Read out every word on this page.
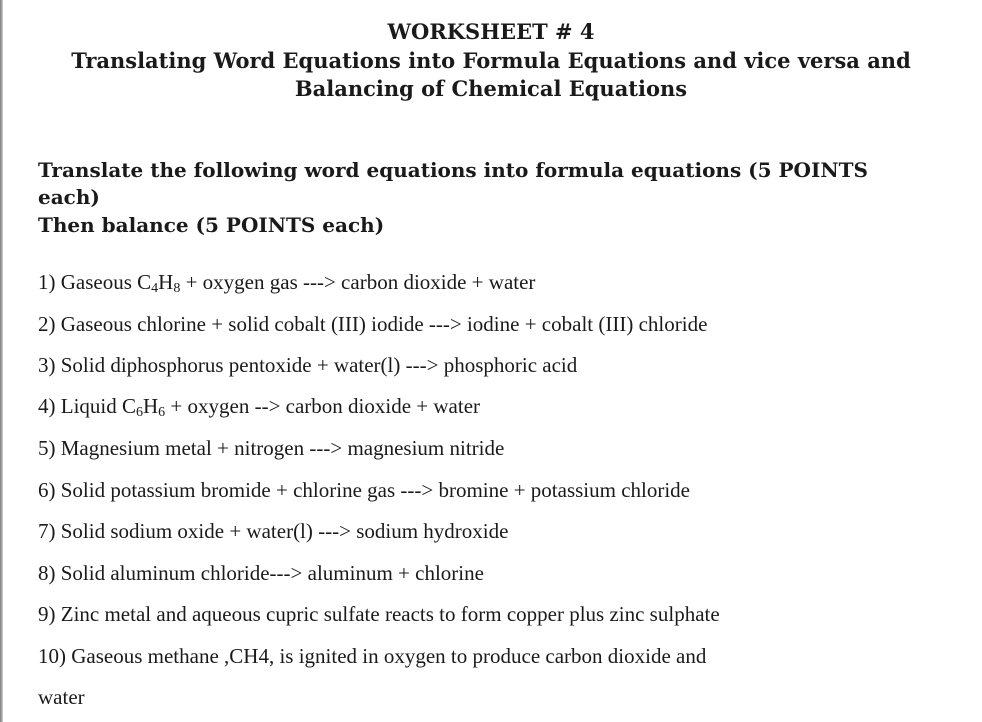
WORKSHEET # 4
Translating Word Equations into Formula Equations and vice versa and
Balancing of Chemical Equations
Translate the following word equations into formula equations (5 POINTS
each)
Then balance (5 POINTS each)
1) Gaseous $C_4H_8$ + oxygen gas ---> carbon dioxide + water
2) Gaseous chlorine + solid cobalt (III) iodide ---> iodine + cobalt (III) chloride
3) Solid diphosphorus pentoxide + water(l) ---> phosphoric acid
4) Liquid $C_6H_6$ + oxygen --> carbon dioxide + water
5) Magnesium metal + nitrogen ---> magnesium nitride
6) Solid potassium bromide + chlorine gas ---> bromine + potassium chloride
7) Solid sodium oxide + water(l) ---> sodium hydroxide
8) Solid aluminum chloride---> aluminum + chlorine
9) Zinc metal and aqueous cupric sulfate reacts to form copper plus zinc sulphate
10) Gaseous methane ,CH4, is ignited in oxygen to produce carbon dioxide and
water
